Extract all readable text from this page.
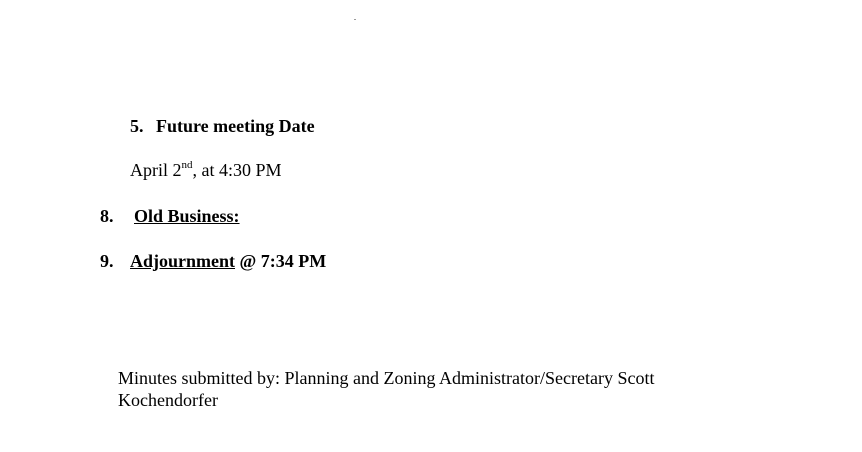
5. Future meeting Date
April 2nd, at 4:30 PM
8. Old Business:
9. Adjournment @ 7:34 PM
Minutes submitted by: Planning and Zoning Administrator/Secretary Scott
Kochendorfer
